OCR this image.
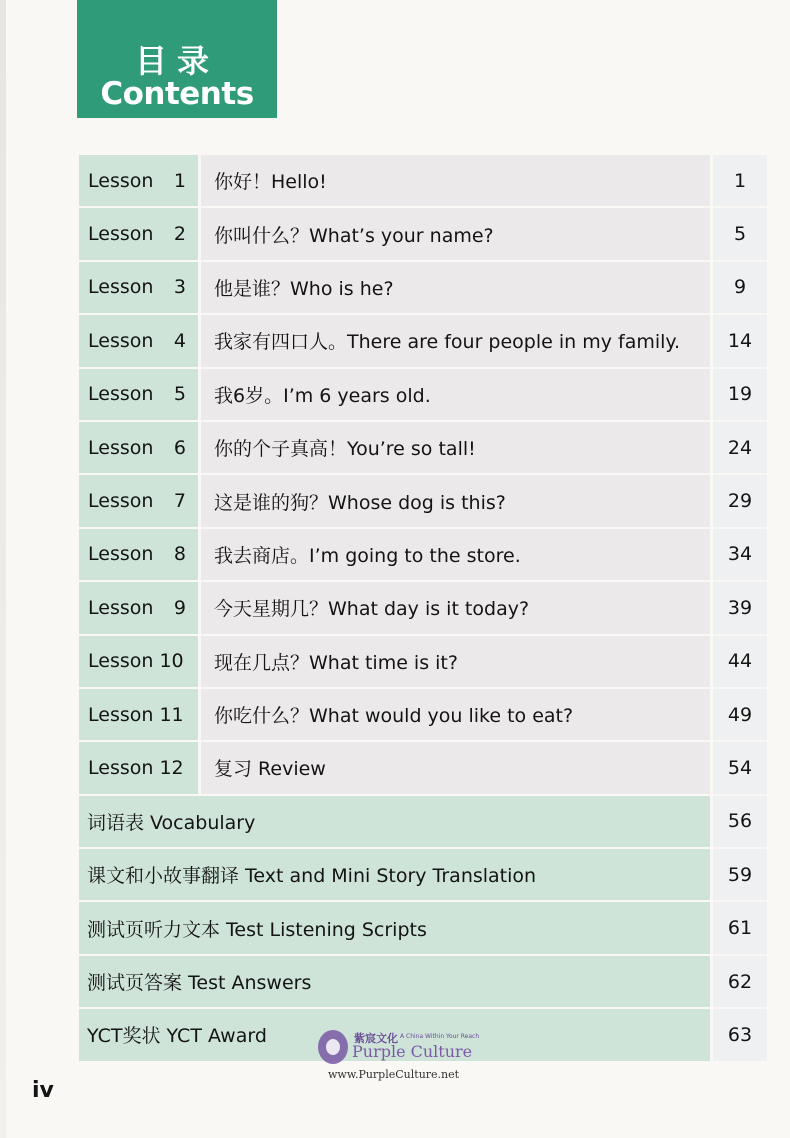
目录
Contents
Lesson 1	你好！Hello!	1
Lesson 2	你叫什么？What’s your name?	5
Lesson 3	他是谁？Who is he?	9
Lesson 4	我家有四口人。There are four people in my family.	14
Lesson 5	我6岁。I’m 6 years old.	19
Lesson 6	你的个子真高！You’re so tall!	24
Lesson 7	这是谁的狗？Whose dog is this?	29
Lesson 8	我去商店。I’m going to the store.	34
Lesson 9	今天星期几？What day is it today?	39
Lesson 10	现在几点？What time is it?	44
Lesson 11	你吃什么？What would you like to eat?	49
Lesson 12	复习 Review	54
词语表 Vocabulary	56
课文和小故事翻译 Text and Mini Story Translation	59
测试页听力文本 Test Listening Scripts	61
测试页答案 Test Answers	62
YCT奖状 YCT Award	63
紫宸文化 A China Within Your Reach
Purple Culture
www.PurpleCulture.net
iv
